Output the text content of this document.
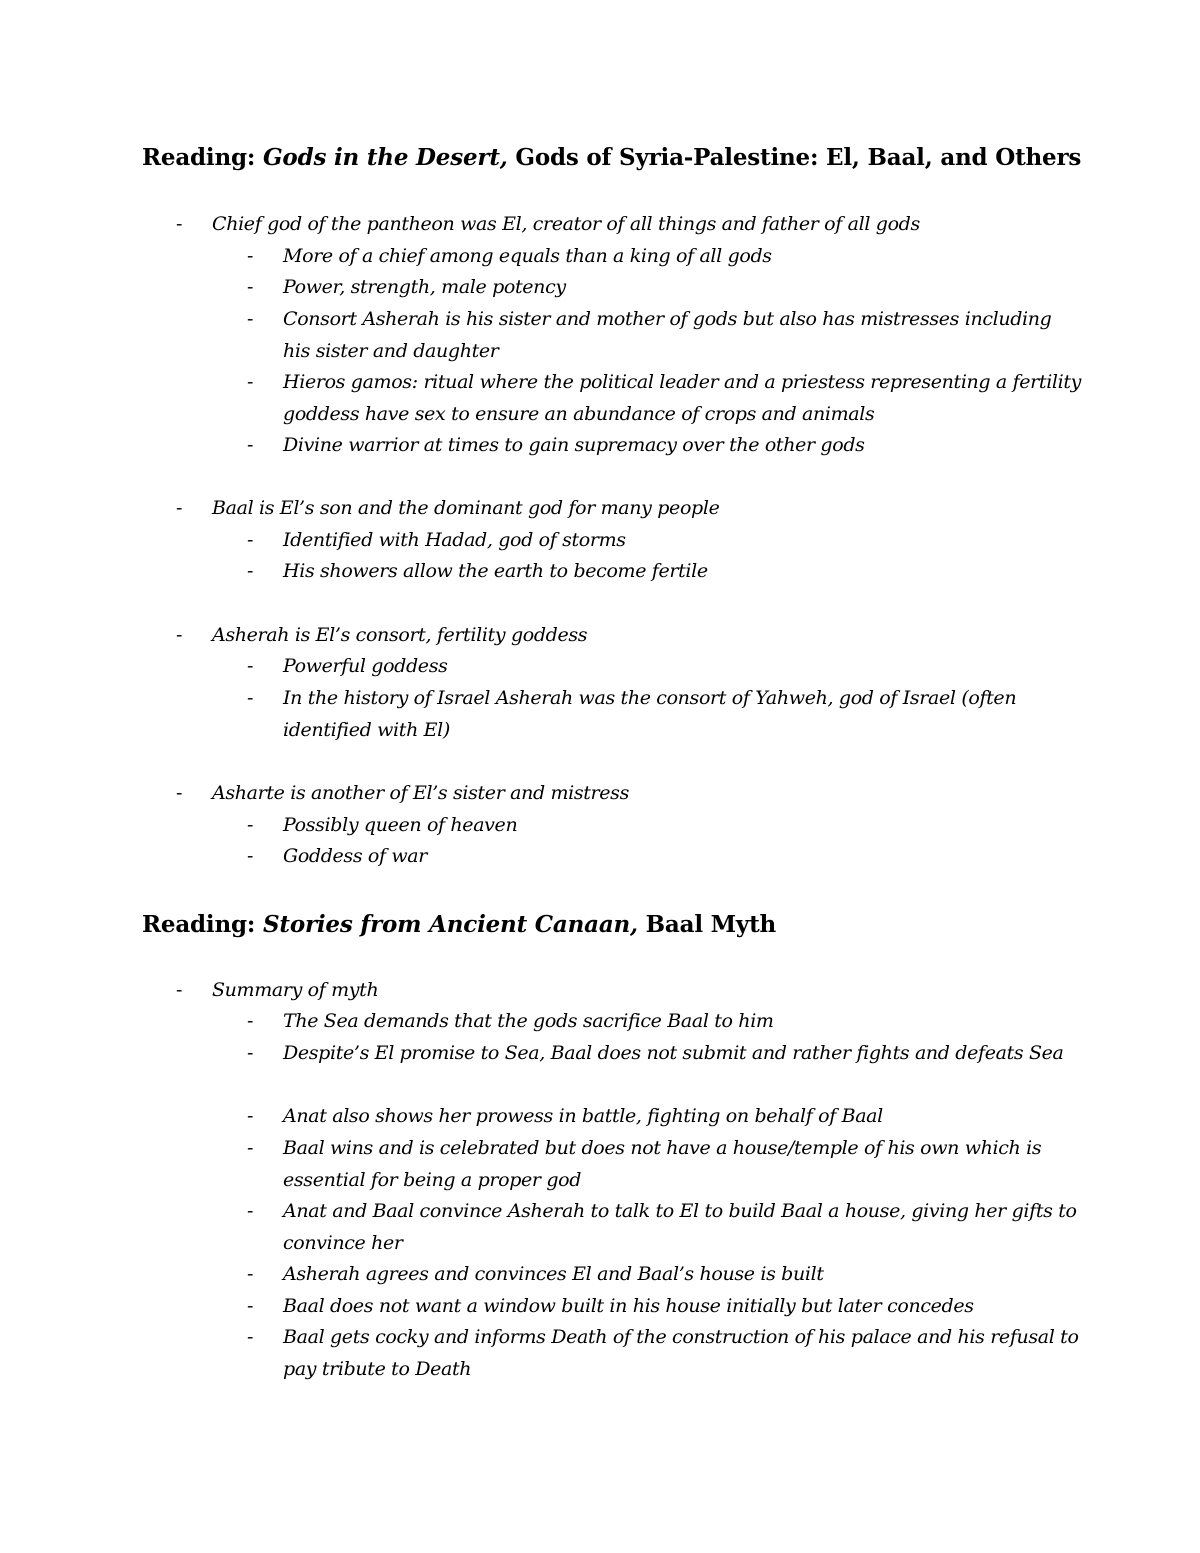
Reading: Gods in the Desert, Gods of Syria-Palestine: El, Baal, and Others
- Chief god of the pantheon was El, creator of all things and father of all gods
- More of a chief among equals than a king of all gods
- Power, strength, male potency
- Consort Asherah is his sister and mother of gods but also has mistresses including his sister and daughter
- Hieros gamos: ritual where the political leader and a priestess representing a fertility goddess have sex to ensure an abundance of crops and animals
- Divine warrior at times to gain supremacy over the other gods
- Baal is El’s son and the dominant god for many people
- Identified with Hadad, god of storms
- His showers allow the earth to become fertile
- Asherah is El’s consort, fertility goddess
- Powerful goddess
- In the history of Israel Asherah was the consort of Yahweh, god of Israel (often identified with El)
- Asharte is another of El’s sister and mistress
- Possibly queen of heaven
- Goddess of war
Reading: Stories from Ancient Canaan, Baal Myth
- Summary of myth
- The Sea demands that the gods sacrifice Baal to him
- Despite’s El promise to Sea, Baal does not submit and rather fights and defeats Sea
- Anat also shows her prowess in battle, fighting on behalf of Baal
- Baal wins and is celebrated but does not have a house/temple of his own which is essential for being a proper god
- Anat and Baal convince Asherah to talk to El to build Baal a house, giving her gifts to convince her
- Asherah agrees and convinces El and Baal’s house is built
- Baal does not want a window built in his house initially but later concedes
- Baal gets cocky and informs Death of the construction of his palace and his refusal to pay tribute to Death
